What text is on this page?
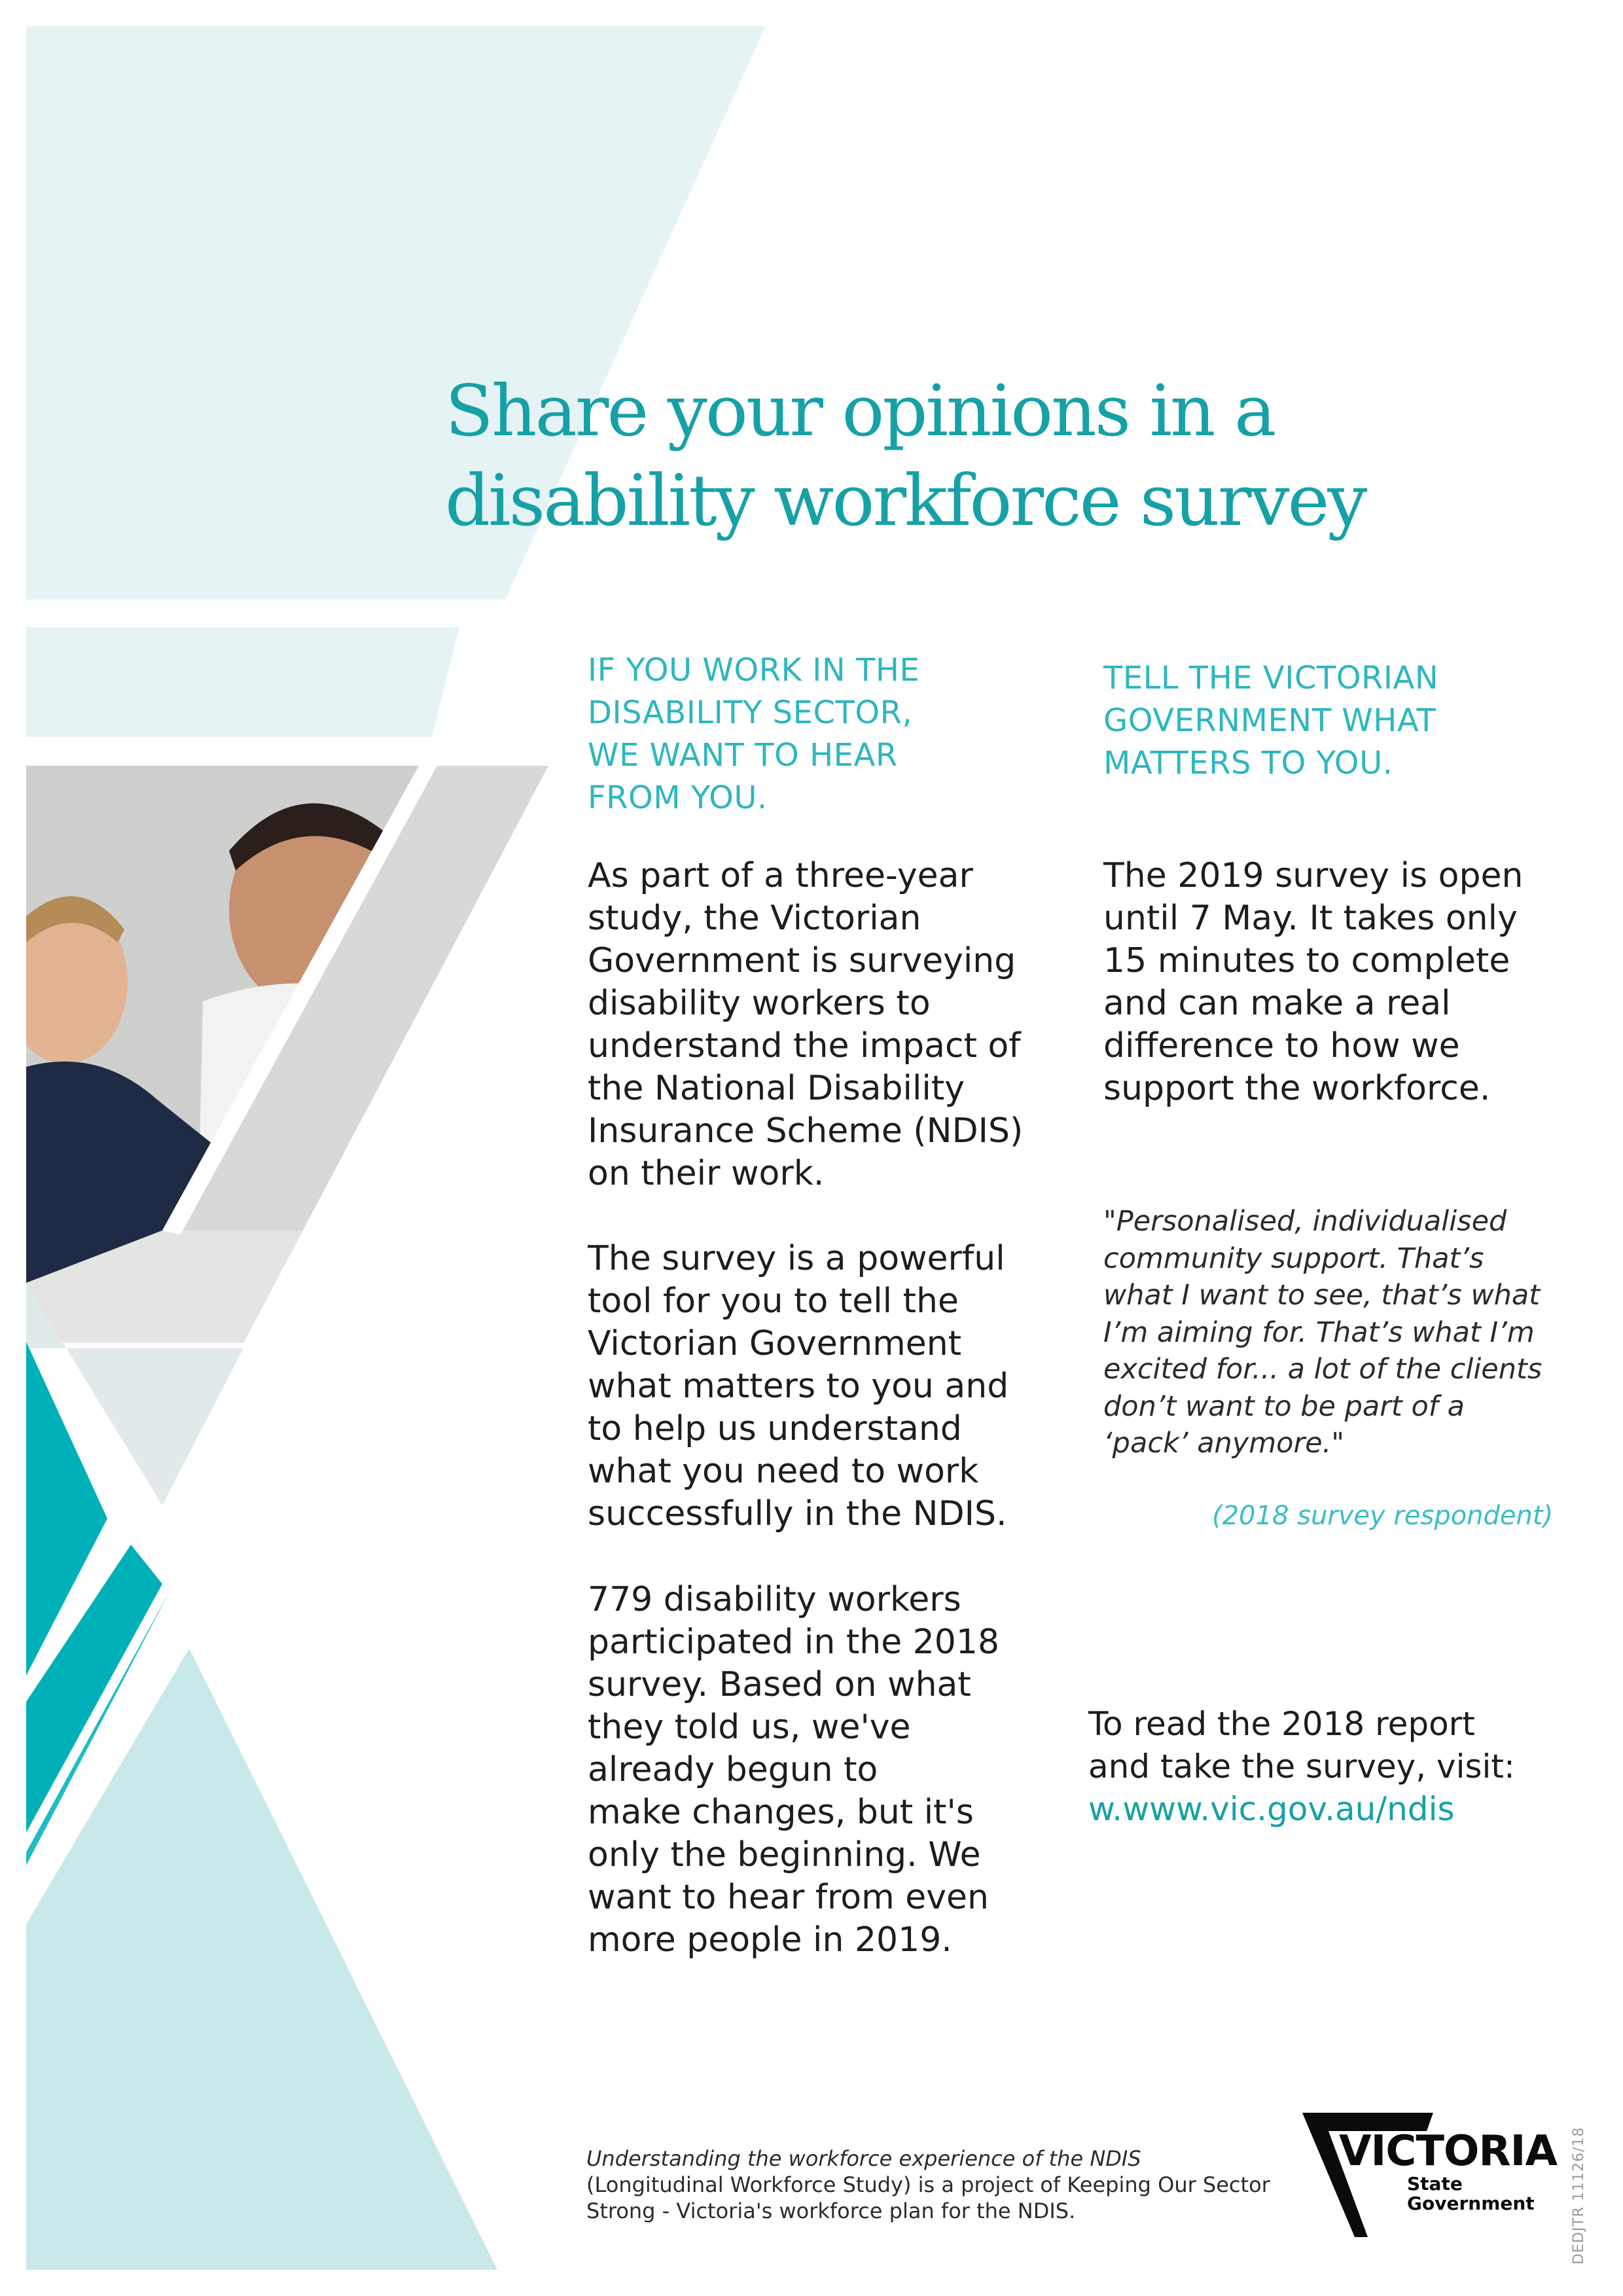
Share your opinions in a
disability workforce survey
IF YOU WORK IN THE
DISABILITY SECTOR,
WE WANT TO HEAR
FROM YOU.
TELL THE VICTORIAN
GOVERNMENT WHAT
MATTERS TO YOU.
As part of a three-year
study, the Victorian
Government is surveying
disability workers to
understand the impact of
the National Disability
Insurance Scheme (NDIS)
on their work.
The survey is a powerful
tool for you to tell the
Victorian Government
what matters to you and
to help us understand
what you need to work
successfully in the NDIS.
779 disability workers
participated in the 2018
survey. Based on what
they told us, we've
already begun to
make changes, but it's
only the beginning. We
want to hear from even
more people in 2019.
The 2019 survey is open
until 7 May. It takes only
15 minutes to complete
and can make a real
difference to how we
support the workforce.
"Personalised, individualised
community support. That’s
what I want to see, that’s what
I’m aiming for. That’s what I’m
excited for... a lot of the clients
don’t want to be part of a
‘pack’ anymore."

(2018 survey respondent)

To read the 2018 report
and take the survey, visit:
w.www.vic.gov.au/ndis
Understanding the workforce experience of the NDIS
(Longitudinal Workforce Study) is a project of Keeping Our Sector
Strong - Victoria's workforce plan for the NDIS.
VICTORIA
State
Government	DEDJTR 11126/18
